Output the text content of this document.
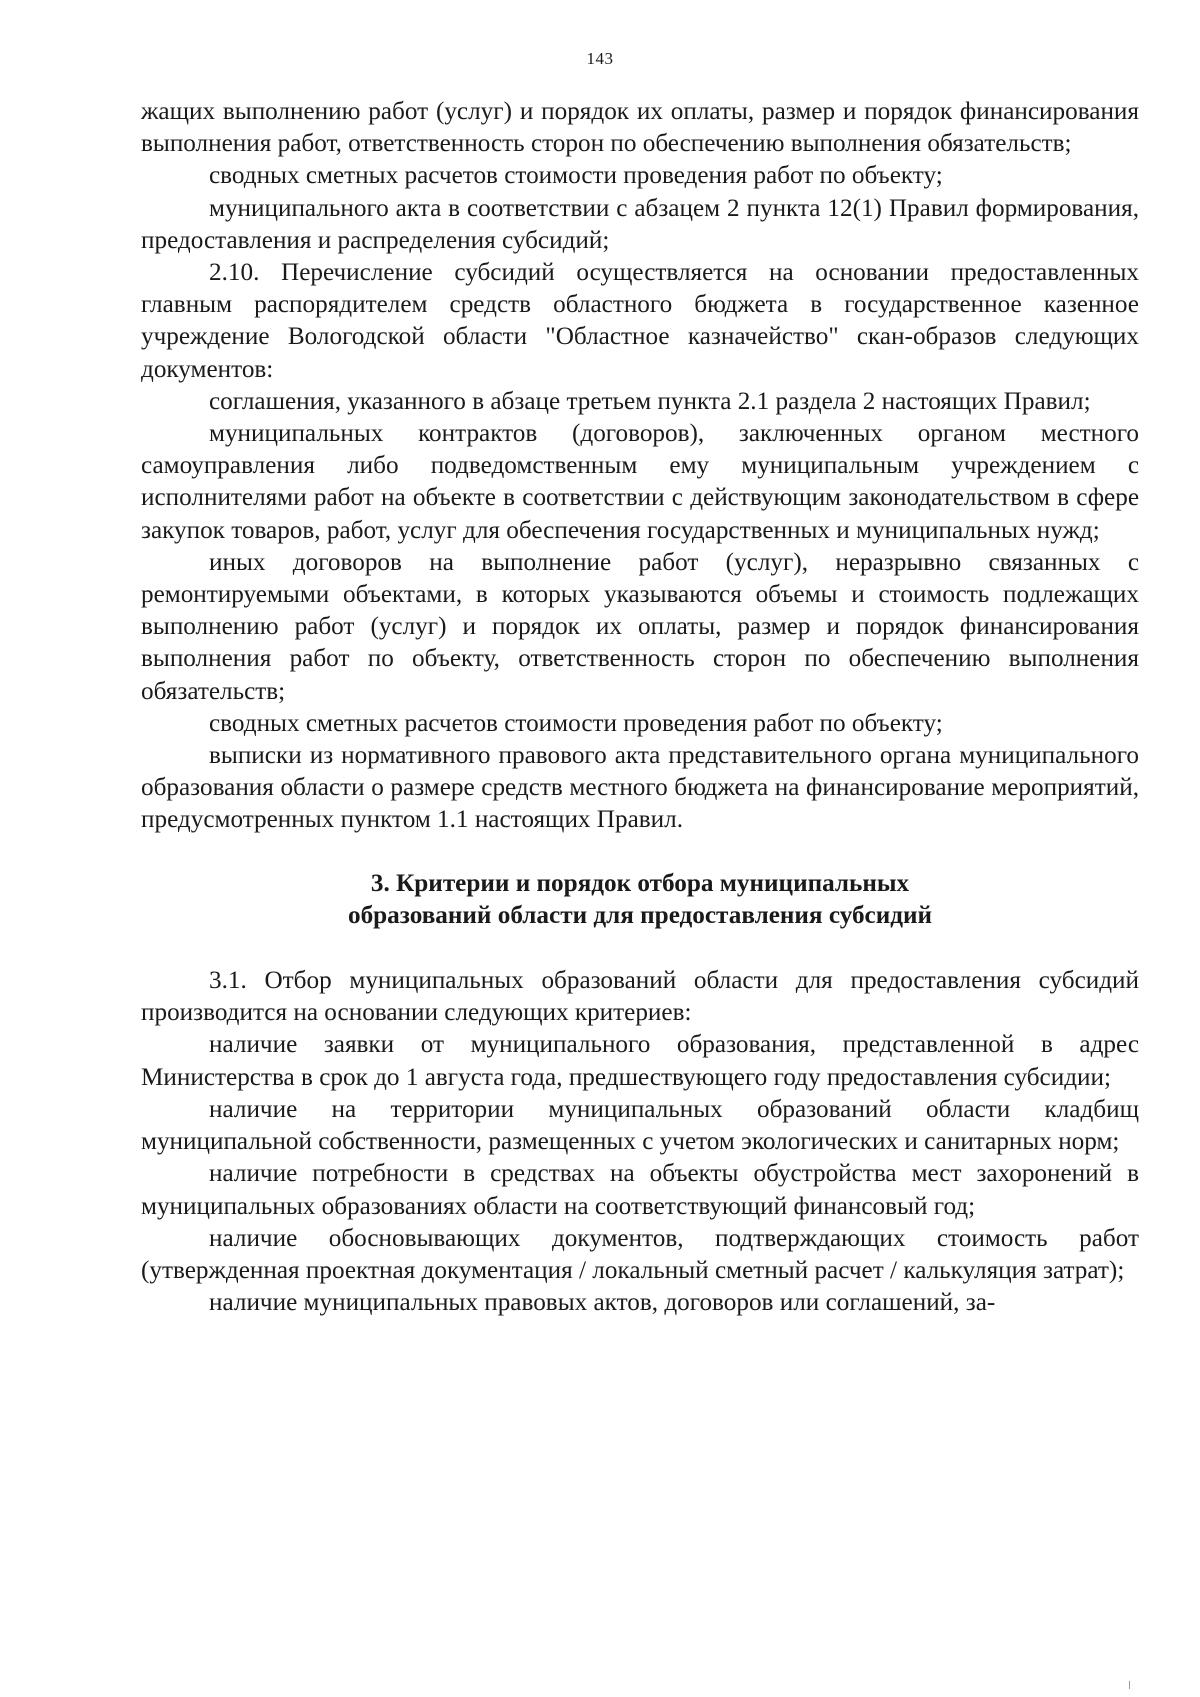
143

жащих выполнению работ (услуг) и порядок их оплаты, размер и порядок финансирования выполнения работ, ответственность сторон по обеспечению выполнения обязательств;

сводных сметных расчетов стоимости проведения работ по объекту;

муниципального акта в соответствии с абзацем 2 пункта 12(1) Правил формирования, предоставления и распределения субсидий;

2.10. Перечисление субсидий осуществляется на основании предоставленных главным распорядителем средств областного бюджета в государственное казенное учреждение Вологодской области "Областное казначейство" скан-образов следующих документов:

соглашения, указанного в абзаце третьем пункта 2.1 раздела 2 настоящих Правил;

муниципальных контрактов (договоров), заключенных органом местного самоуправления либо подведомственным ему муниципальным учреждением с исполнителями работ на объекте в соответствии с действующим законодательством в сфере закупок товаров, работ, услуг для обеспечения государственных и муниципальных нужд;

иных договоров на выполнение работ (услуг), неразрывно связанных с ремонтируемыми объектами, в которых указываются объемы и стоимость подлежащих выполнению работ (услуг) и порядок их оплаты, размер и порядок финансирования выполнения работ по объекту, ответственность сторон по обеспечению выполнения обязательств;

сводных сметных расчетов стоимости проведения работ по объекту;

выписки из нормативного правового акта представительного органа муниципального образования области о размере средств местного бюджета на финансирование мероприятий, предусмотренных пунктом 1.1 настоящих Правил.

3. Критерии и порядок отбора муниципальных
образований области для предоставления субсидий

3.1. Отбор муниципальных образований области для предоставления субсидий производится на основании следующих критериев:

наличие заявки от муниципального образования, представленной в адрес Министерства в срок до 1 августа года, предшествующего году предоставления субсидии;

наличие на территории муниципальных образований области кладбищ муниципальной собственности, размещенных с учетом экологических и санитарных норм;

наличие потребности в средствах на объекты обустройства мест захоронений в муниципальных образованиях области на соответствующий финансовый год;

наличие обосновывающих документов, подтверждающих стоимость работ (утвержденная проектная документация / локальный сметный расчет / калькуляция затрат);

наличие муниципальных правовых актов, договоров или соглашений, за-
